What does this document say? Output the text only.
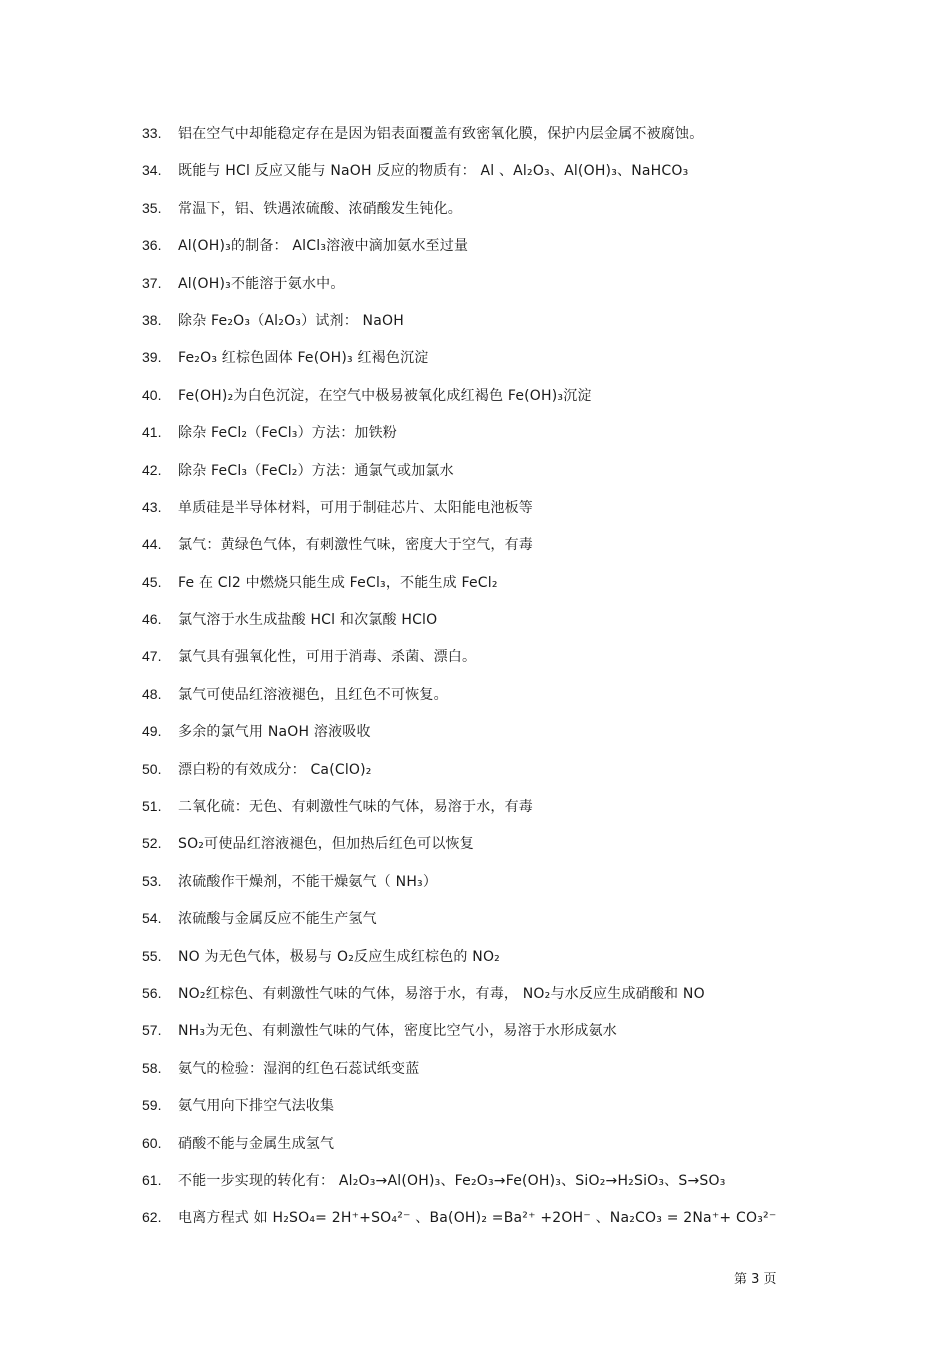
33.	铝在空气中却能稳定存在是因为铝表面覆盖有致密氧化膜，保护内层金属不被腐蚀。
34.	既能与 HCl 反应又能与 NaOH 反应的物质有： Al 、Al₂O₃、Al(OH)₃、NaHCO₃
35.	常温下，铝、铁遇浓硫酸、浓硝酸发生钝化。
36.	Al(OH)₃的制备： AlCl₃溶液中滴加氨水至过量
37.	Al(OH)₃不能溶于氨水中。
38.	除杂 Fe₂O₃（Al₂O₃）试剂： NaOH
39.	Fe₂O₃ 红棕色固体 Fe(OH)₃ 红褐色沉淀
40.	Fe(OH)₂为白色沉淀，在空气中极易被氧化成红褐色 Fe(OH)₃沉淀
41.	除杂 FeCl₂（FeCl₃）方法：加铁粉
42.	除杂 FeCl₃（FeCl₂）方法：通氯气或加氯水
43.	单质硅是半导体材料，可用于制硅芯片、太阳能电池板等
44.	氯气：黄绿色气体，有刺激性气味，密度大于空气，有毒
45.	Fe 在 Cl2 中燃烧只能生成 FeCl₃，不能生成 FeCl₂
46.	氯气溶于水生成盐酸 HCl 和次氯酸 HClO
47.	氯气具有强氧化性，可用于消毒、杀菌、漂白。
48.	氯气可使品红溶液褪色，且红色不可恢复。
49.	多余的氯气用 NaOH 溶液吸收
50.	漂白粉的有效成分： Ca(ClO)₂
51.	二氧化硫：无色、有刺激性气味的气体，易溶于水，有毒
52.	SO₂可使品红溶液褪色，但加热后红色可以恢复
53.	浓硫酸作干燥剂，不能干燥氨气（ NH₃）
54.	浓硫酸与金属反应不能生产氢气
55.	NO 为无色气体，极易与 O₂反应生成红棕色的 NO₂
56.	NO₂红棕色、有刺激性气味的气体，易溶于水，有毒， NO₂与水反应生成硝酸和 NO
57.	NH₃为无色、有刺激性气味的气体，密度比空气小，易溶于水形成氨水
58.	氨气的检验：湿润的红色石蕊试纸变蓝
59.	氨气用向下排空气法收集
60.	硝酸不能与金属生成氢气
61.	不能一步实现的转化有： Al₂O₃→Al(OH)₃、Fe₂O₃→Fe(OH)₃、SiO₂→H₂SiO₃、S→SO₃
62.	电离方程式 如 H₂SO₄= 2H⁺+SO₄²⁻ 、Ba(OH)₂ =Ba²⁺ +2OH⁻ 、Na₂CO₃ = 2Na⁺+ CO₃²⁻
第 3 页
